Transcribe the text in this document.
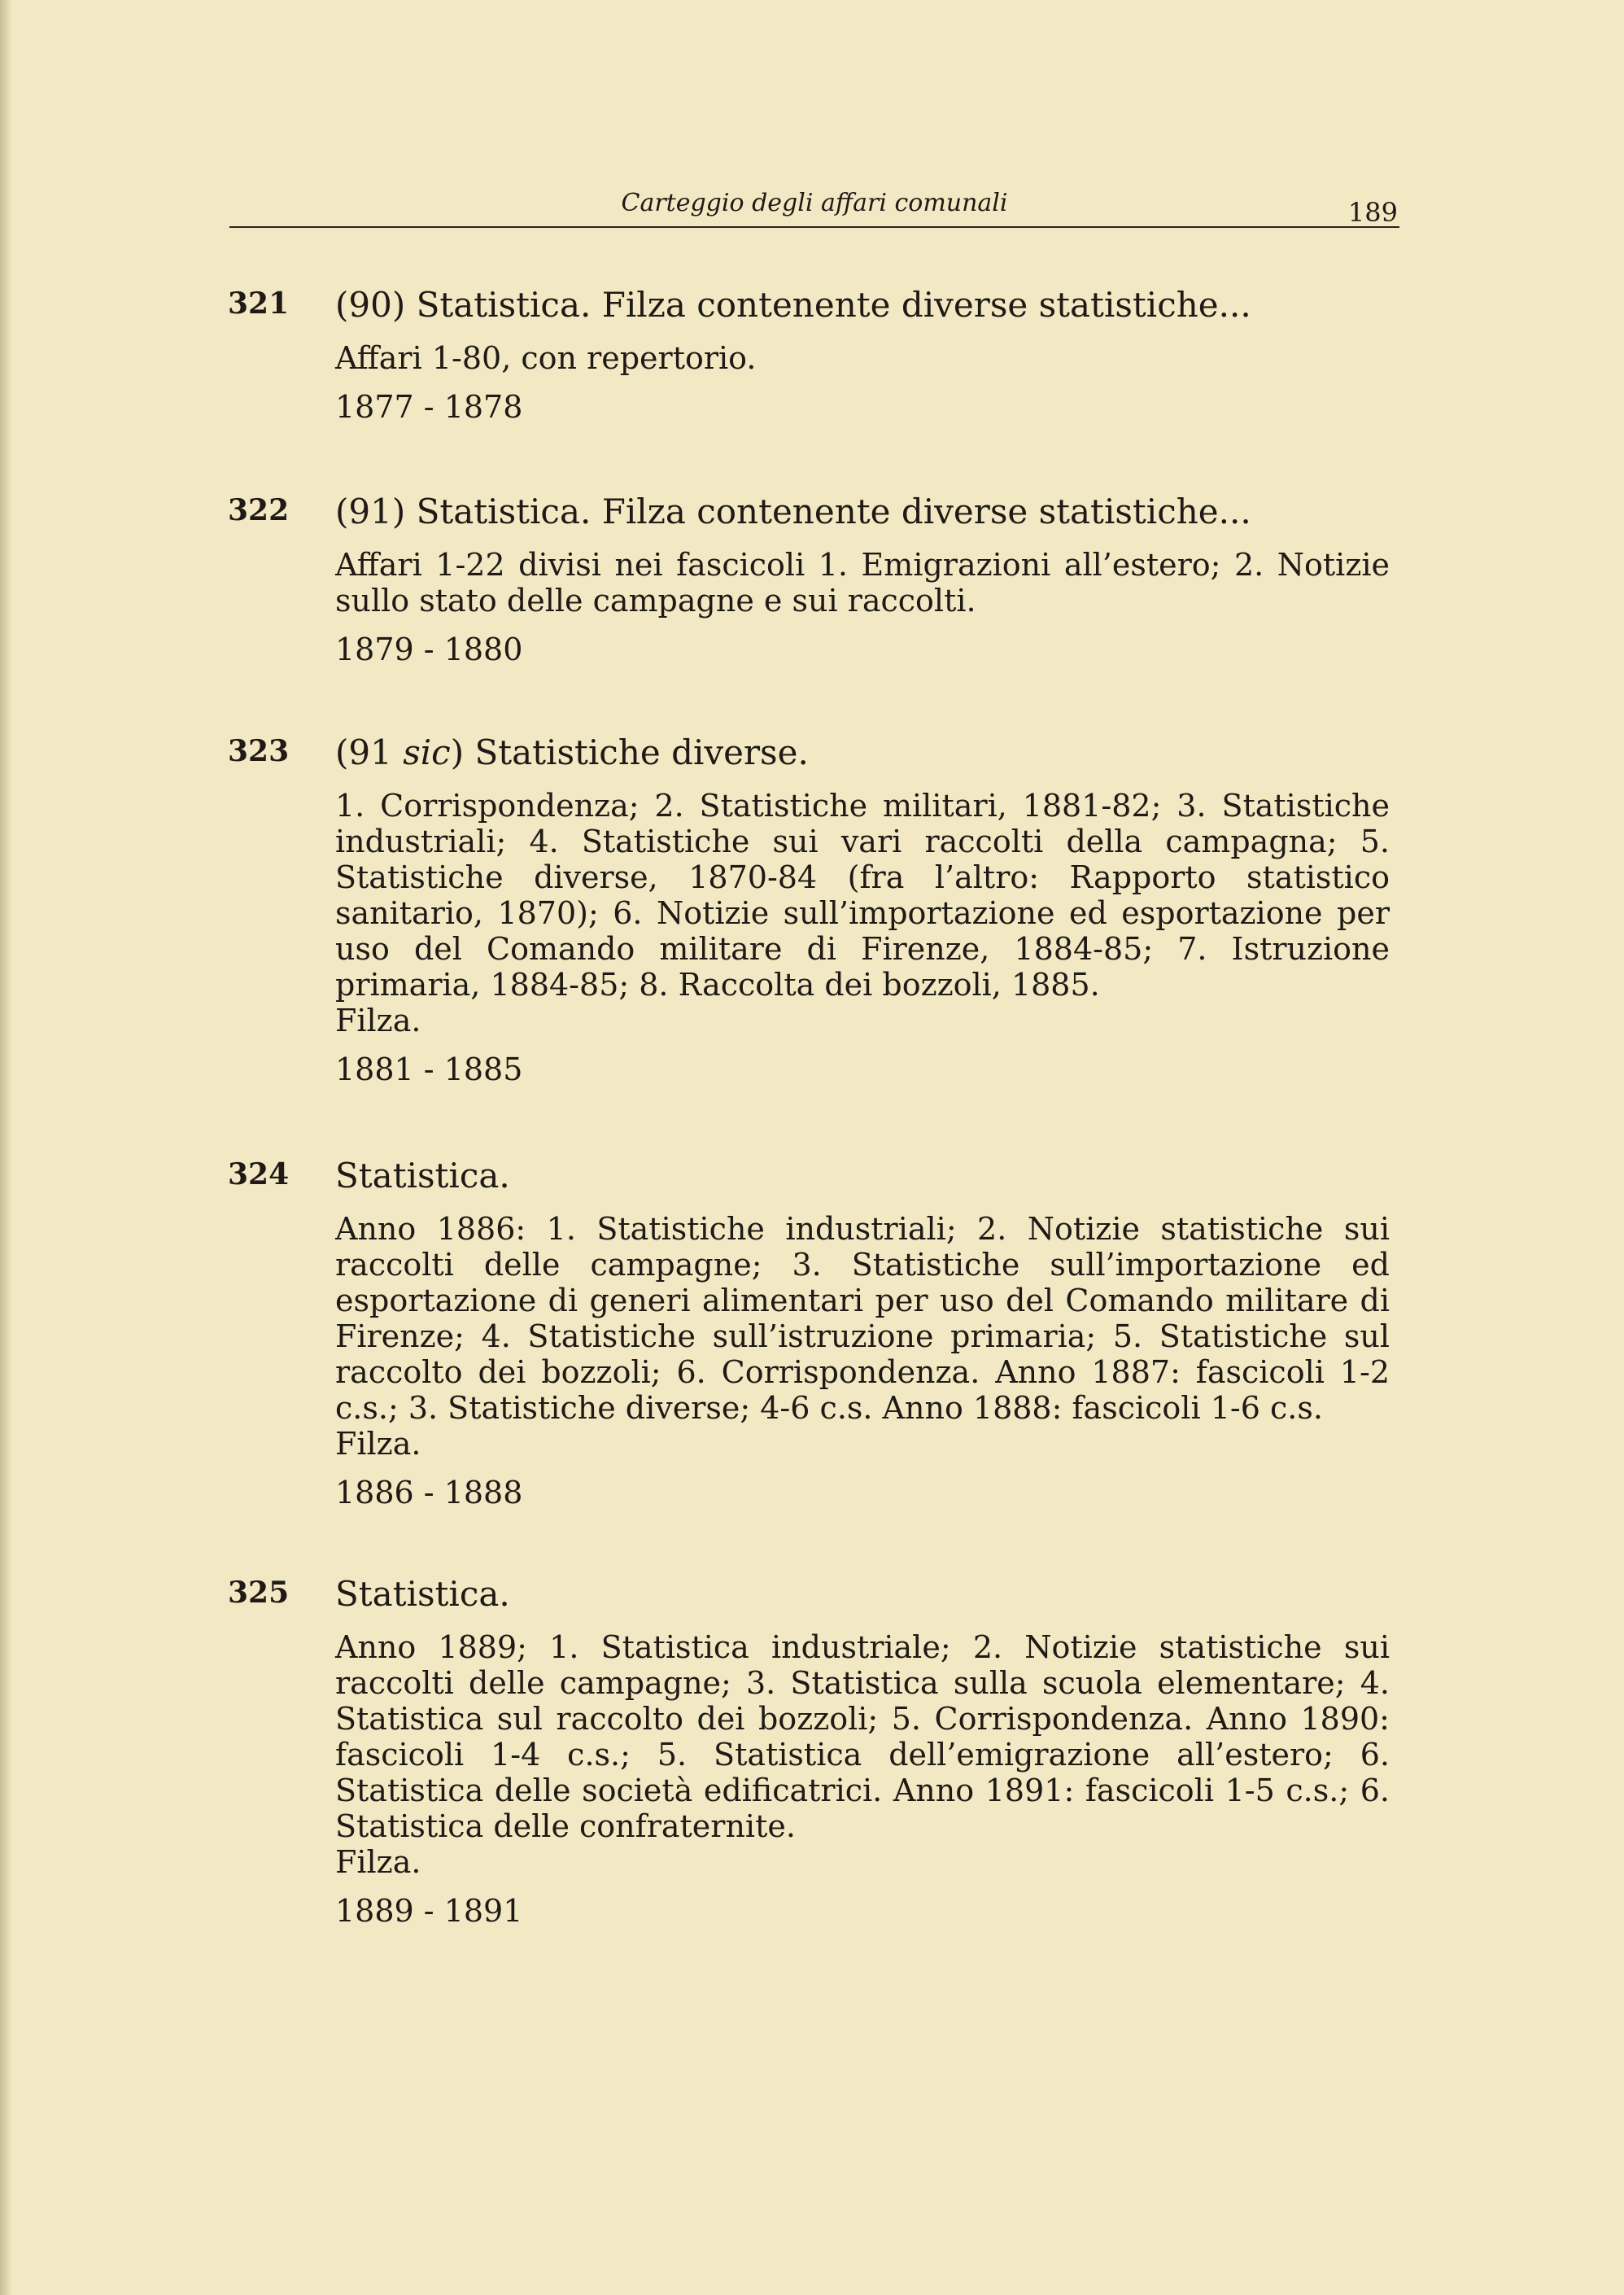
Carteggio degli affari comunali	189
321 (90) Statistica. Filza contenente diverse statistiche...

Affari 1-80, con repertorio.

1877 - 1878

322 (91) Statistica. Filza contenente diverse statistiche...

Affari 1-22 divisi nei fascicoli 1. Emigrazioni all’estero; 2. Notizie sullo stato delle campagne e sui raccolti.

1879 - 1880

323 (91 sic) Statistiche diverse.

1. Corrispondenza; 2. Statistiche militari, 1881-82; 3. Statistiche industriali; 4. Statistiche sui vari raccolti della campagna; 5. Statistiche diverse, 1870-84 (fra l’altro: Rapporto statistico sanitario, 1870); 6. Notizie sull’importazione ed esportazione per uso del Comando militare di Firenze, 1884-85; 7. Istruzione primaria, 1884-85; 8. Raccolta dei bozzoli, 1885.

Filza.

1881 - 1885

324 Statistica.

Anno 1886: 1. Statistiche industriali; 2. Notizie statistiche sui raccolti delle campagne; 3. Statistiche sull’importazione ed esportazione di generi alimentari per uso del Comando militare di Firenze; 4. Statistiche sull’istruzione primaria; 5. Statistiche sul raccolto dei bozzoli; 6. Corrispondenza. Anno 1887: fascicoli 1-2 c.s.; 3. Statistiche diverse; 4-6 c.s. Anno 1888: fascicoli 1-6 c.s.

Filza.

1886 - 1888

325 Statistica.

Anno 1889; 1. Statistica industriale; 2. Notizie statistiche sui raccolti delle campagne; 3. Statistica sulla scuola elementare; 4. Statistica sul raccolto dei bozzoli; 5. Corrispondenza. Anno 1890: fascicoli 1-4 c.s.; 5. Statistica dell’emigrazione all’estero; 6. Statistica delle società edificatrici. Anno 1891: fascicoli 1-5 c.s.; 6. Statistica delle confraternite.

Filza.

1889 - 1891
